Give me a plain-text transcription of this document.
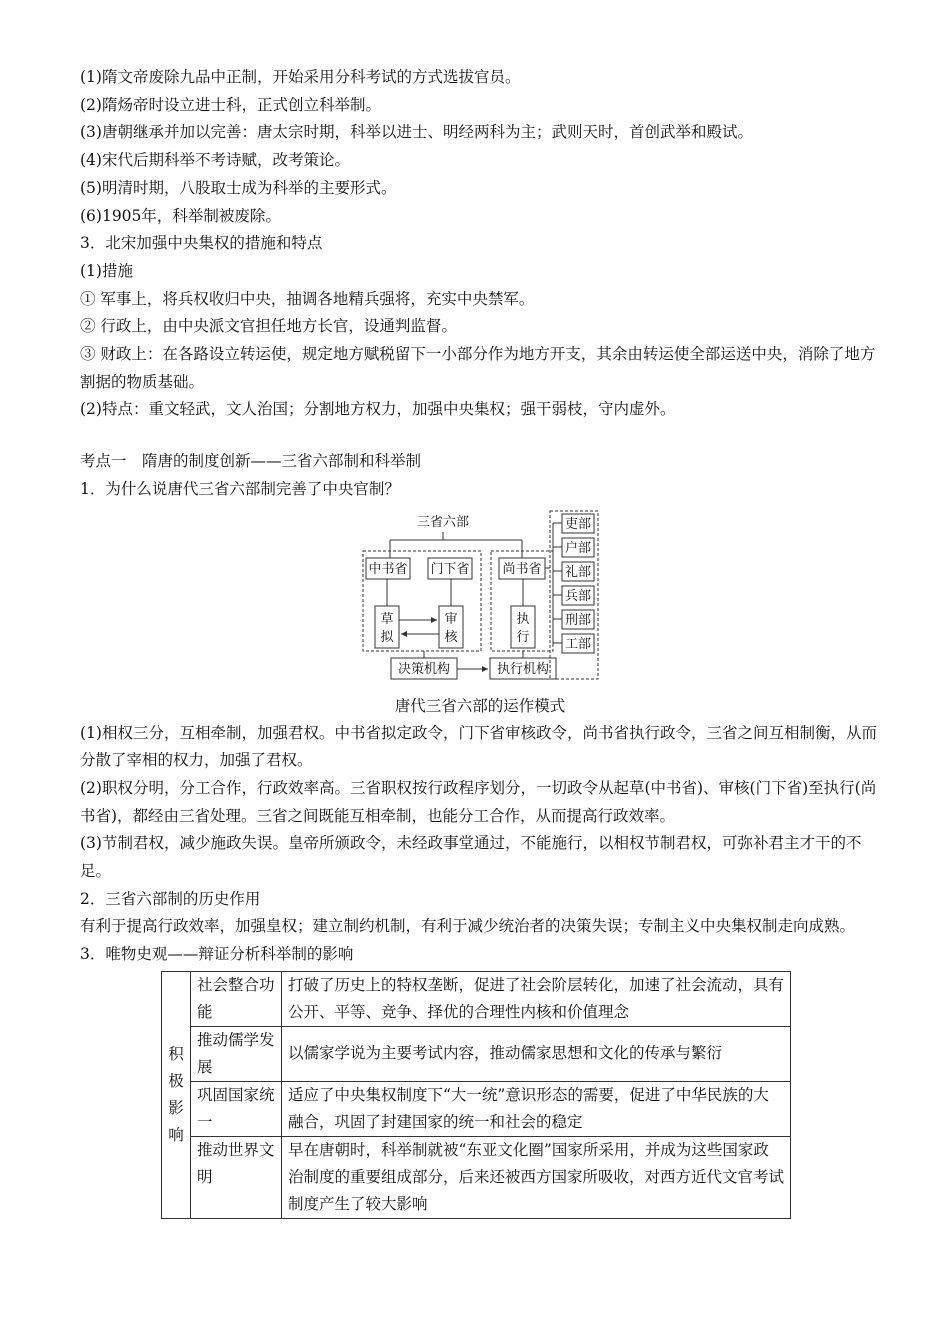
(1)隋文帝废除九品中正制，开始采用分科考试的方式选拔官员。
(2)隋炀帝时设立进士科，正式创立科举制。
(3)唐朝继承并加以完善：唐太宗时期，科举以进士、明经两科为主；武则天时，首创武举和殿试。
(4)宋代后期科举不考诗赋，改考策论。
(5)明清时期，八股取士成为科举的主要形式。
(6)1905年，科举制被废除。
3．北宋加强中央集权的措施和特点
(1)措施
① 军事上，将兵权收归中央，抽调各地精兵强将，充实中央禁军。
② 行政上，由中央派文官担任地方长官，设通判监督。
③ 财政上：在各路设立转运使，规定地方赋税留下一小部分作为地方开支，其余由转运使全部运送中央，消除了地方割据的物质基础。
(2)特点：重文轻武，文人治国；分割地方权力，加强中央集权；强干弱枝，守内虚外。
考点一　隋唐的制度创新——三省六部制和科举制
1．为什么说唐代三省六部制完善了中央官制？
三省六部
中书省 门下省	尚书省
草
拟
审
核
执
行
决策机构	执行机构
吏部
户部
礼部
兵部
刑部
工部
唐代三省六部的运作模式
(1)相权三分，互相牵制，加强君权。中书省拟定政令，门下省审核政令，尚书省执行政令，三省之间互相制衡，从而分散了宰相的权力，加强了君权。
(2)职权分明，分工合作，行政效率高。三省职权按行政程序划分，一切政令从起草(中书省)、审核(门下省)至执行(尚书省)，都经由三省处理。三省之间既能互相牵制，也能分工合作，从而提高行政效率。
(3)节制君权，减少施政失误。皇帝所颁政令，未经政事堂通过，不能施行，以相权节制君权，可弥补君主才干的不足。
2．三省六部制的历史作用
有利于提高行政效率，加强皇权；建立制约机制，有利于减少统治者的决策失误；专制主义中央集权制走向成熟。
3．唯物史观——辩证分析科举制的影响
积
极
影
响	社会整合功能	打破了历史上的特权垄断，促进了社会阶层转化，加速了社会流动，具有公开、平等、竞争、择优的合理性内核和价值理念

	推动儒学发展	以儒家学说为主要考试内容，推动儒家思想和文化的传承与繁衍

	巩固国家统一	适应了中央集权制度下“大一统”意识形态的需要，促进了中华民族的大融合，巩固了封建国家的统一和社会的稳定

	推动世界文明	早在唐朝时，科举制就被“东亚文化圈”国家所采用，并成为这些国家政治制度的重要组成部分，后来还被西方国家所吸收，对西方近代文官考试制度产生了较大影响
